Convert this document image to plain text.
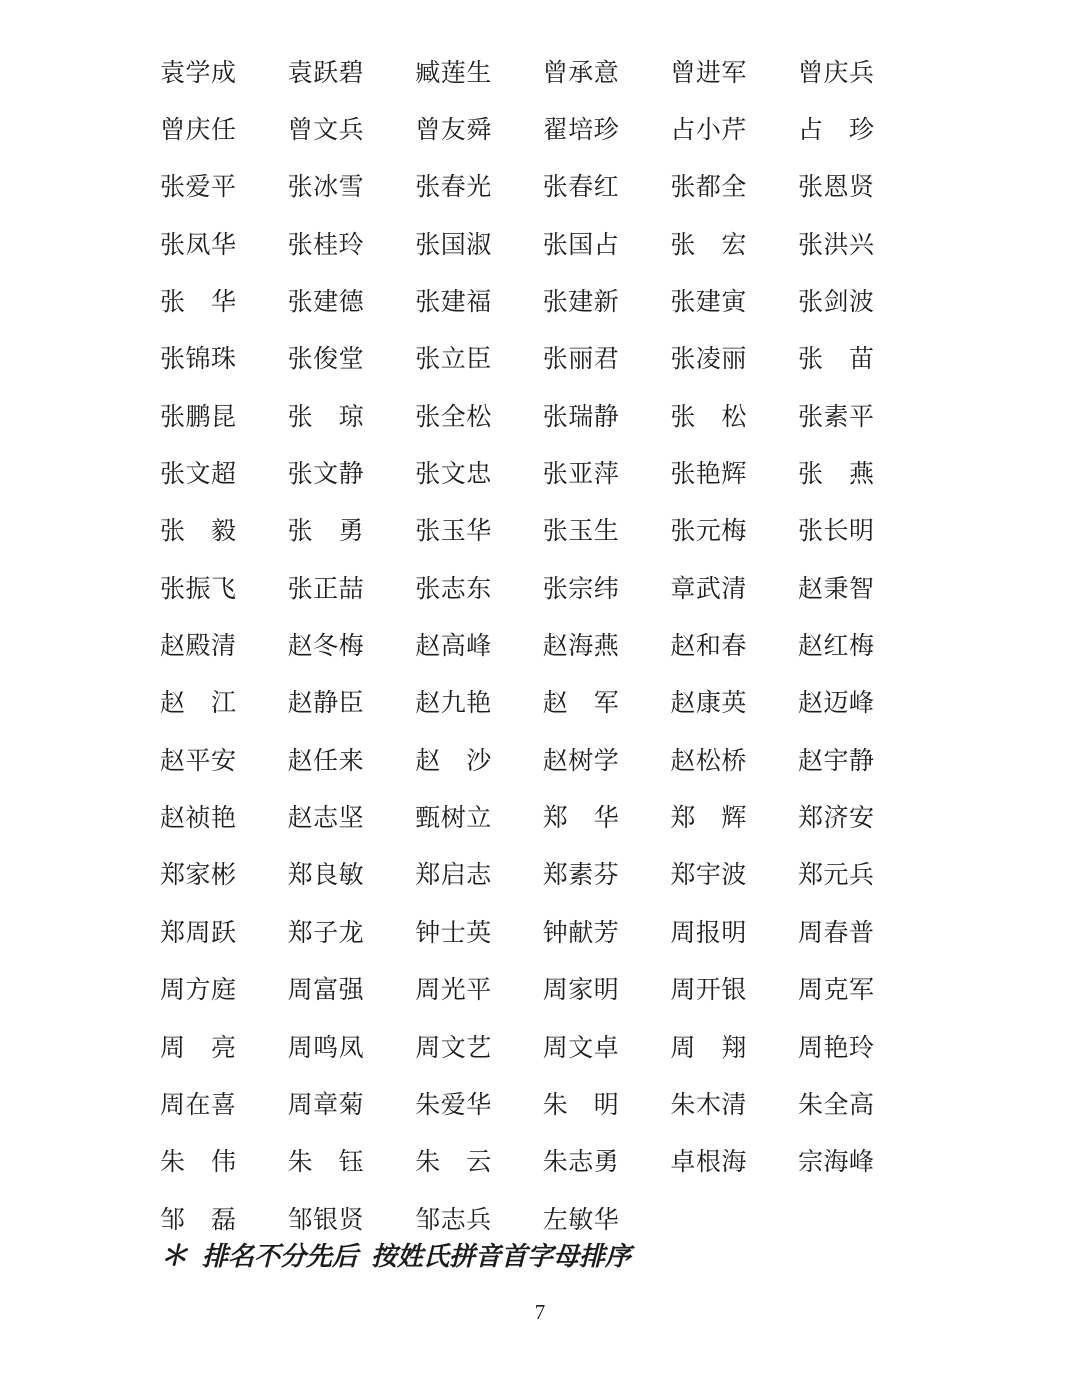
袁学成	袁跃碧	臧莲生	曾承意	曾进军	曾庆兵
曾庆任	曾文兵	曾友舜	翟培珍	占小芹	占　珍
张爱平	张冰雪	张春光	张春红	张都全	张恩贤
张凤华	张桂玲	张国淑	张国占	张　宏	张洪兴
张　华	张建德	张建福	张建新	张建寅	张剑波
张锦珠	张俊堂	张立臣	张丽君	张凌丽	张　苗
张鹏昆	张　琼	张全松	张瑞静	张　松	张素平
张文超	张文静	张文忠	张亚萍	张艳辉	张　燕
张　毅	张　勇	张玉华	张玉生	张元梅	张长明
张振飞	张正喆	张志东	张宗纬	章武清	赵秉智
赵殿清	赵冬梅	赵高峰	赵海燕	赵和春	赵红梅
赵　江	赵静臣	赵九艳	赵　军	赵康英	赵迈峰
赵平安	赵任来	赵　沙	赵树学	赵松桥	赵宇静
赵祯艳	赵志坚	甄树立	郑　华	郑　辉	郑济安
郑家彬	郑良敏	郑启志	郑素芬	郑宇波	郑元兵
郑周跃	郑子龙	钟士英	钟献芳	周报明	周春普
周方庭	周富强	周光平	周家明	周开银	周克军
周　亮	周鸣凤	周文艺	周文卓	周　翔	周艳玲
周在喜	周章菊	朱爱华	朱　明	朱木清	朱全高
朱　伟	朱　钰	朱　云	朱志勇	卓根海	宗海峰
邹　磊	邹银贤	邹志兵	左敏华
＊ 排名不分先后  按姓氏拼音首字母排序
7
